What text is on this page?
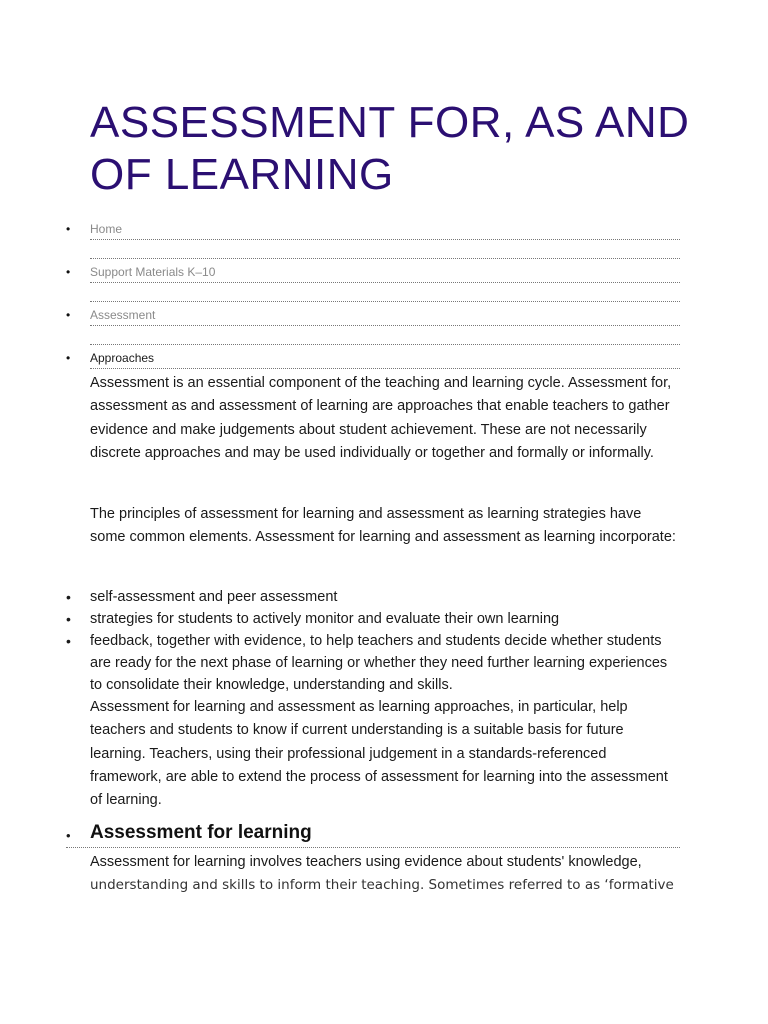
ASSESSMENT FOR, AS AND OF LEARNING
• Home
• Support Materials K–10
• Assessment
• Approaches

Assessment is an essential component of the teaching and learning cycle. Assessment for, assessment as and assessment of learning are approaches that enable teachers to gather evidence and make judgements about student achievement. These are not necessarily discrete approaches and may be used individually or together and formally or informally.

The principles of assessment for learning and assessment as learning strategies have some common elements. Assessment for learning and assessment as learning incorporate:

• self-assessment and peer assessment
• strategies for students to actively monitor and evaluate their own learning
• feedback, together with evidence, to help teachers and students decide whether students are ready for the next phase of learning or whether they need further learning experiences to consolidate their knowledge, understanding and skills.

Assessment for learning and assessment as learning approaches, in particular, help teachers and students to know if current understanding is a suitable basis for future learning. Teachers, using their professional judgement in a standards-referenced framework, are able to extend the process of assessment for learning into the assessment of learning.

• Assessment for learning

Assessment for learning involves teachers using evidence about students' knowledge,
understanding and skills to inform their teaching. Sometimes referred to as ‘formative
